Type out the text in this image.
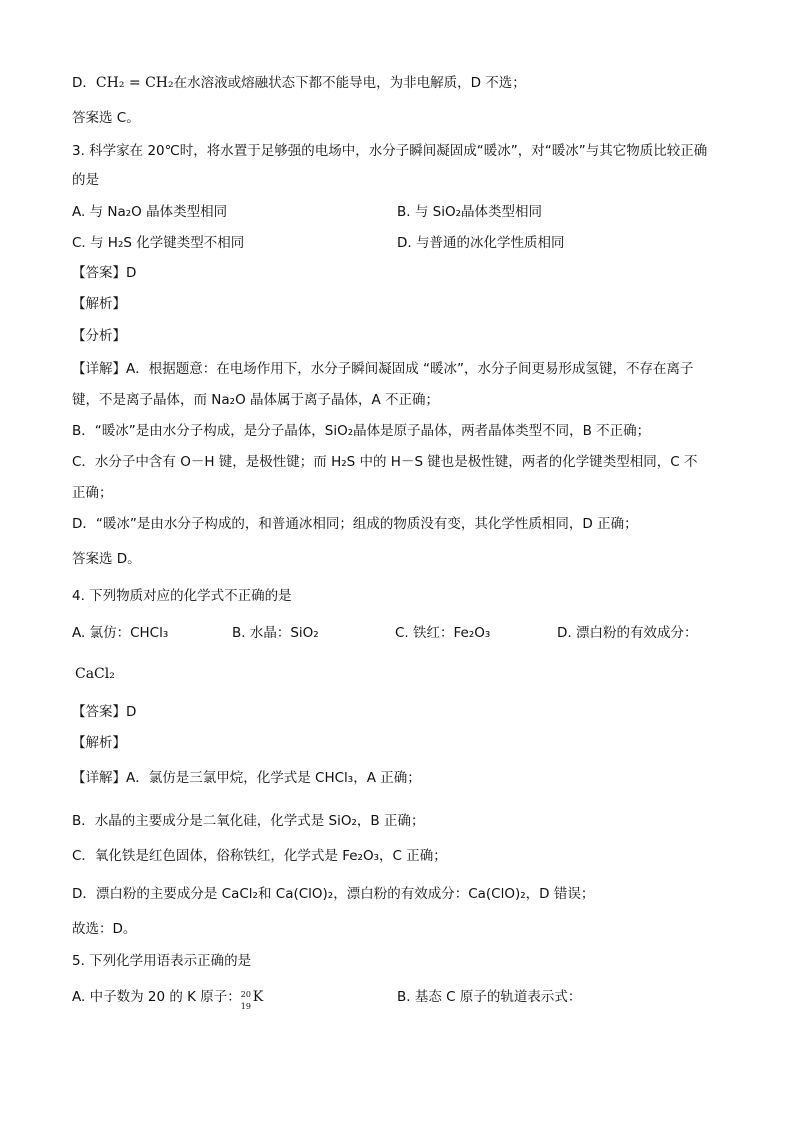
D．CH₂ = CH₂在水溶液或熔融状态下都不能导电，为非电解质，D 不选；
答案选 C。
3. 科学家在 20℃时，将水置于足够强的电场中，水分子瞬间凝固成“暖冰”，对“暖冰”与其它物质比较正确
的是
A. 与 Na₂O 晶体类型相同	B. 与 SiO₂晶体类型相同
C. 与 H₂S 化学键类型不相同	D. 与普通的冰化学性质相同
【答案】D
【解析】
【分析】
【详解】A．根据题意：在电场作用下，水分子瞬间凝固成 “暖冰”，水分子间更易形成氢键，不存在离子
键，不是离子晶体，而 Na₂O 晶体属于离子晶体，A 不正确；
B．“暖冰”是由水分子构成，是分子晶体，SiO₂晶体是原子晶体，两者晶体类型不同，B 不正确；
C．水分子中含有 O－H 键，是极性键；而 H₂S 中的 H－S 键也是极性键，两者的化学键类型相同，C 不
正确；
D．“暖冰”是由水分子构成的，和普通冰相同；组成的物质没有变，其化学性质相同，D 正确；
答案选 D。
4. 下列物质对应的化学式不正确的是
A. 氯仿：CHCl₃	B. 水晶：SiO₂	C. 铁红：Fe₂O₃	D. 漂白粉的有效成分：
CaCl₂
【答案】D
【解析】
【详解】A．氯仿是三氯甲烷，化学式是 CHCl₃，A 正确；
B．水晶的主要成分是二氧化硅，化学式是 SiO₂，B 正确；
C．氧化铁是红色固体，俗称铁红，化学式是 Fe₂O₃，C 正确；
D．漂白粉的主要成分是 CaCl₂和 Ca(ClO)₂，漂白粉的有效成分：Ca(ClO)₂，D 错误；
故选：D。
5. 下列化学用语表示正确的是
A. 中子数为 20 的 K 原子： 20
19
K	B. 基态 C 原子的轨道表示式：
